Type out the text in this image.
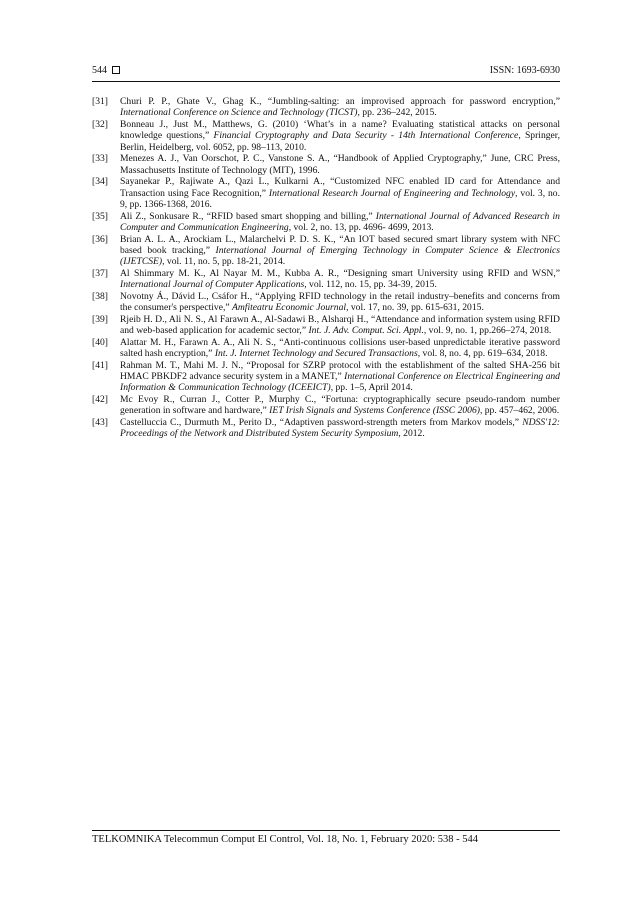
544	ISSN: 1693-6930
[31] Churi P. P., Ghate V., Ghag K., “Jumbling-salting: an improvised approach for password encryption,” International Conference on Science and Technology (TICST), pp. 236–242, 2015.
[32] Bonneau J., Just M., Matthews, G. (2010) ‘What’s in a name? Evaluating statistical attacks on personal knowledge questions,” Financial Cryptography and Data Security - 14th International Conference, Springer, Berlin, Heidelberg, vol. 6052, pp. 98–113, 2010.
[33] Menezes A. J., Van Oorschot, P. C., Vanstone S. A., “Handbook of Applied Cryptography,” June, CRC Press, Massachusetts Institute of Technology (MIT), 1996.
[34] Sayanekar P., Rajiwate A., Qazi L., Kulkarni A., “Customized NFC enabled ID card for Attendance and Transaction using Face Recognition,” International Research Journal of Engineering and Technology, vol. 3, no. 9, pp. 1366-1368, 2016.
[35] Ali Z., Sonkusare R., “RFID based smart shopping and billing,” International Journal of Advanced Research in Computer and Communication Engineering, vol. 2, no. 13, pp. 4696- 4699, 2013.
[36] Brian A. L. A., Arockiam L., Malarchelvi P. D. S. K., “An IOT based secured smart library system with NFC based book tracking,” International Journal of Emerging Technology in Computer Science & Electronics (IJETCSE), vol. 11, no. 5, pp. 18-21, 2014.
[37] Al Shimmary M. K., Al Nayar M. M., Kubba A. R., “Designing smart University using RFID and WSN,” International Journal of Computer Applications, vol. 112, no. 15, pp. 34-39, 2015.
[38] Novotny Á., Dávid L., Csáfor H., “Applying RFID technology in the retail industry–benefits and concerns from the consumer's perspective,” Amfiteatru Economic Journal, vol. 17, no. 39, pp. 615-631, 2015.
[39] Rjeib H. D., Ali N. S., Al Farawn A., Al-Sadawi B., Alsharqi H., “Attendance and information system using RFID and web-based application for academic sector,” Int. J. Adv. Comput. Sci. Appl., vol. 9, no. 1, pp.266–274, 2018.
[40] Alattar M. H., Farawn A. A., Ali N. S., “Anti-continuous collisions user-based unpredictable iterative password salted hash encryption,” Int. J. Internet Technology and Secured Transactions, vol. 8, no. 4, pp. 619–634, 2018.
[41] Rahman M. T., Mahi M. J. N., “Proposal for SZRP protocol with the establishment of the salted SHA-256 bit HMAC PBKDF2 advance security system in a MANET,” International Conference on Electrical Engineering and Information & Communication Technology (ICEEICT), pp. 1–5, April 2014.
[42] Mc Evoy R., Curran J., Cotter P., Murphy C., “Fortuna: cryptographically secure pseudo-random number generation in software and hardware,” IET Irish Signals and Systems Conference (ISSC 2006), pp. 457–462, 2006.
[43] Castelluccia C., Durmuth M., Perito D., “Adaptiven password-strength meters from Markov models,” NDSS'12: Proceedings of the Network and Distributed System Security Symposium, 2012.
TELKOMNIKA Telecommun Comput El Control, Vol. 18, No. 1, February 2020: 538 - 544
